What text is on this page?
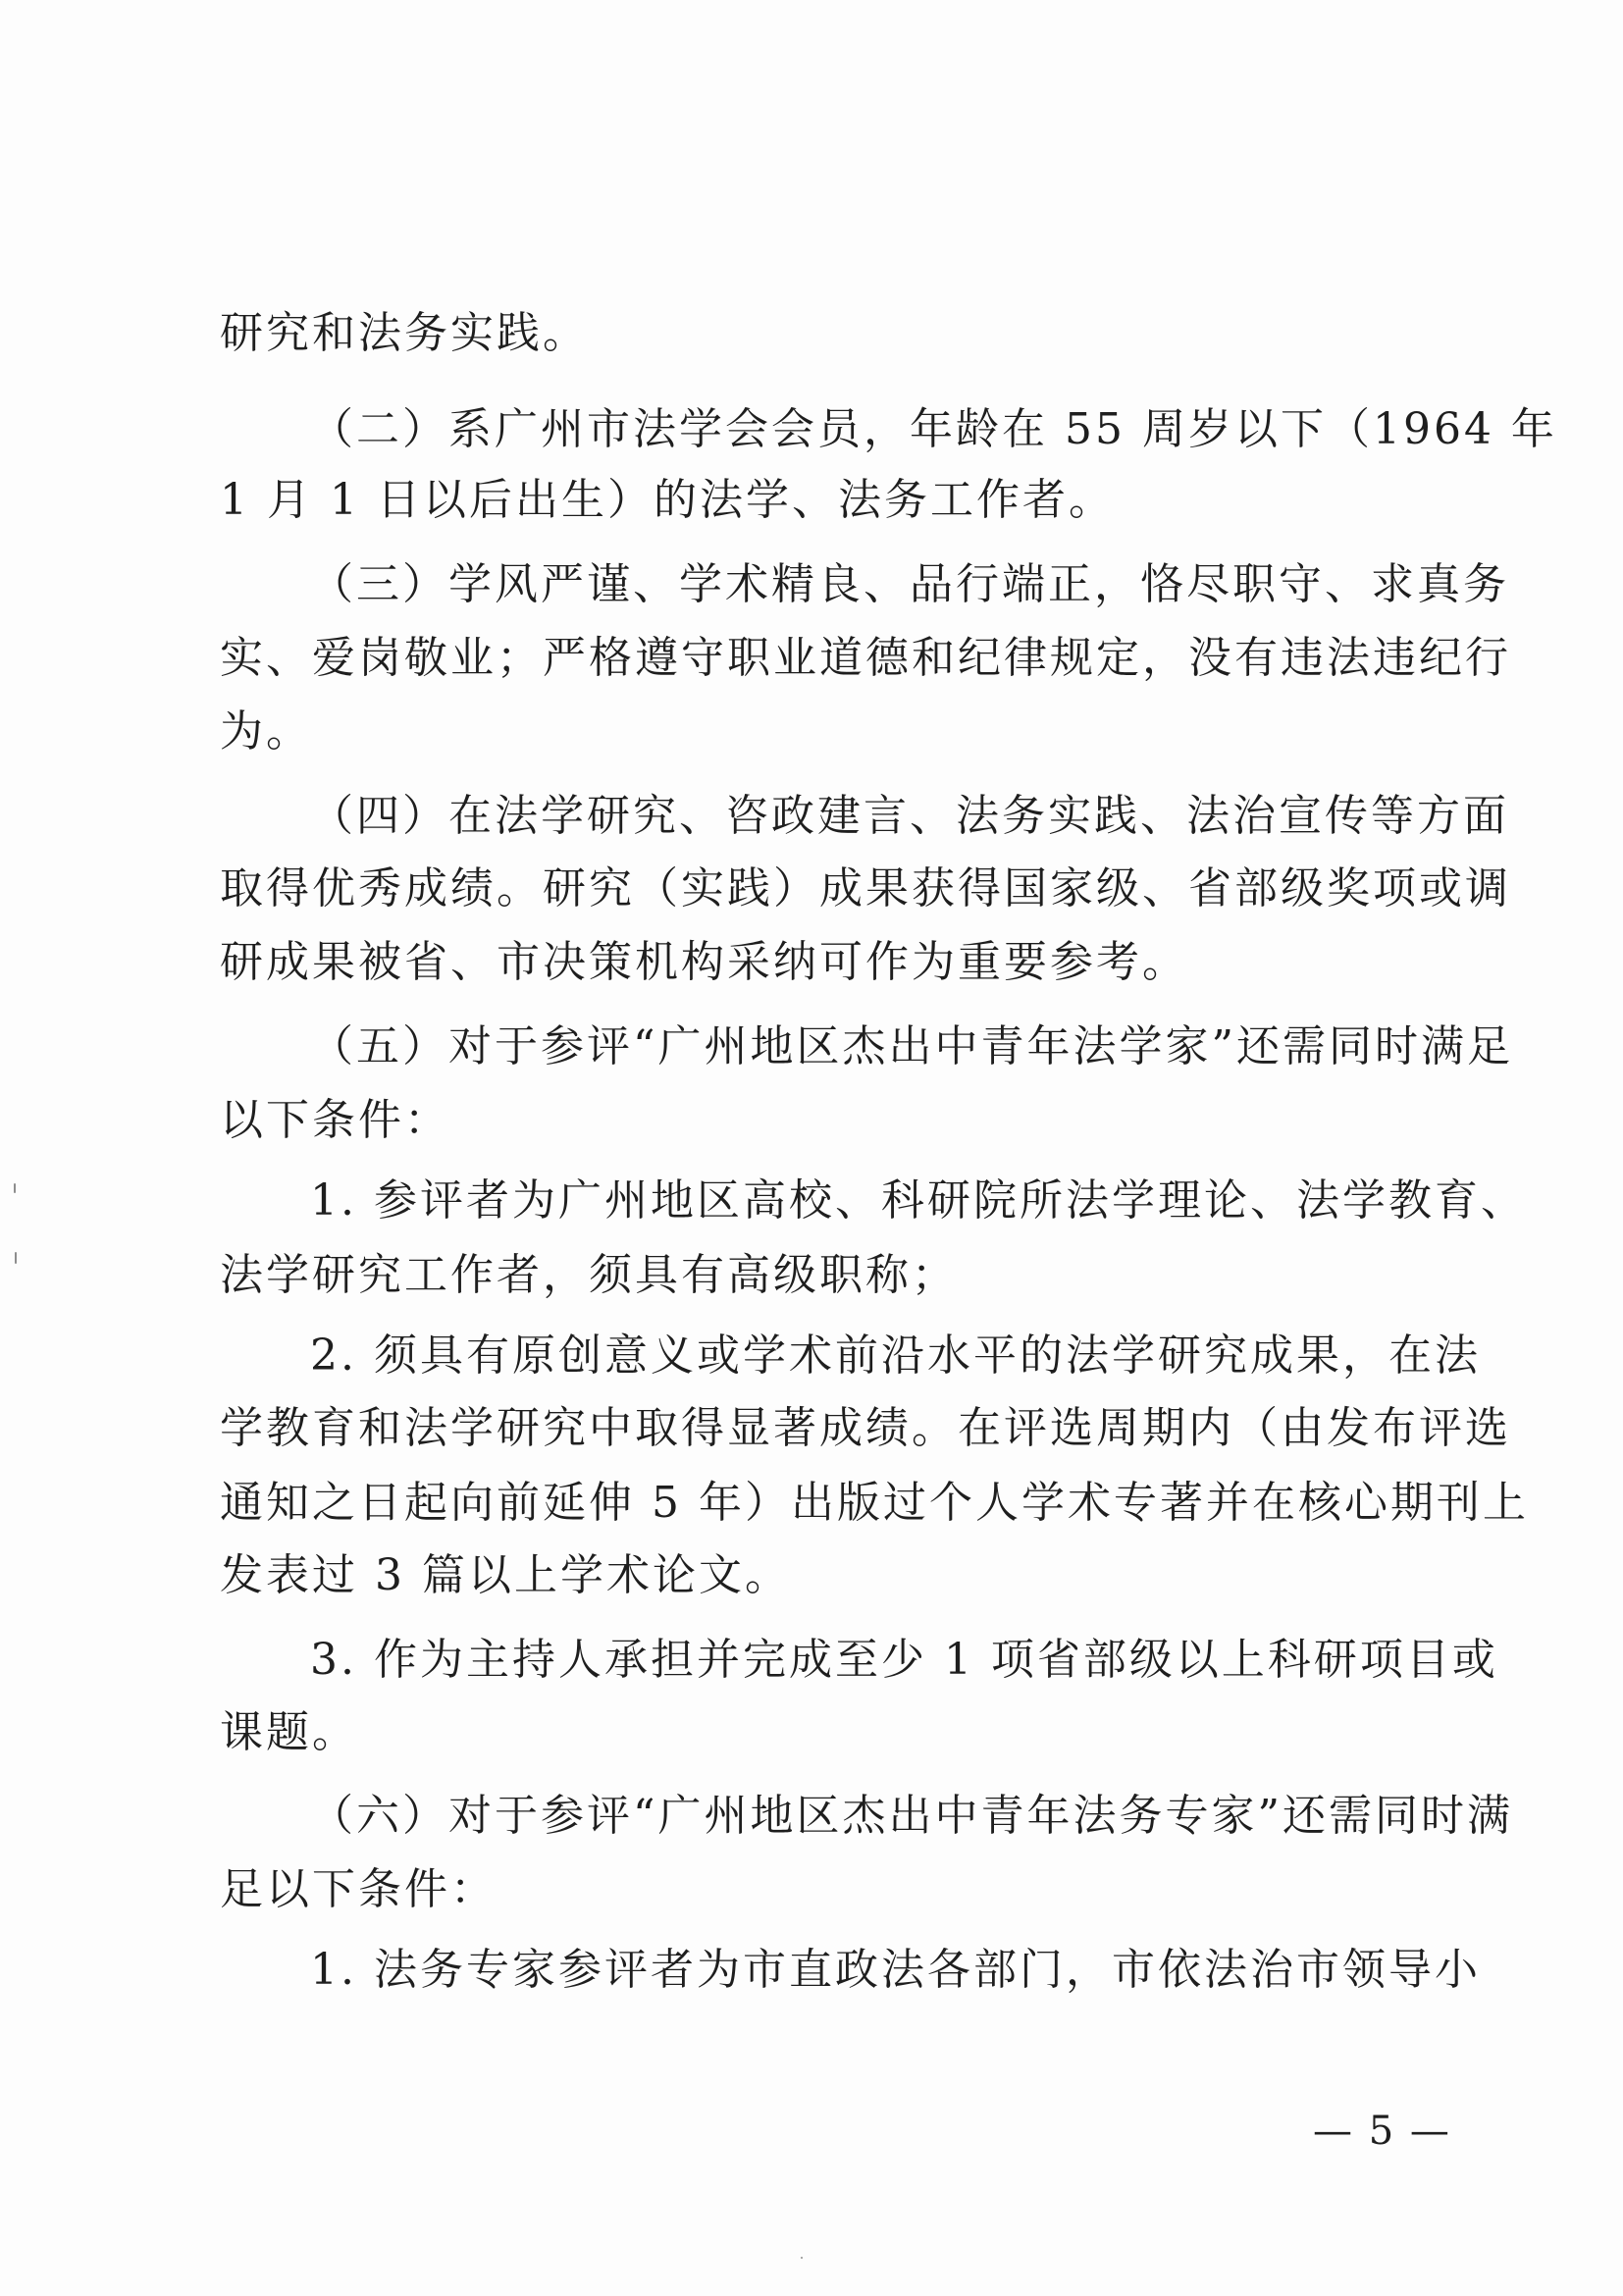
研究和法务实践。
（二）系广州市法学会会员，年龄在 55 周岁以下（1964 年
1 月 1 日以后出生）的法学、法务工作者。
（三）学风严谨、学术精良、品行端正，恪尽职守、求真务
实、爱岗敬业；严格遵守职业道德和纪律规定，没有违法违纪行
为。
（四）在法学研究、咨政建言、法务实践、法治宣传等方面
取得优秀成绩。研究（实践）成果获得国家级、省部级奖项或调
研成果被省、市决策机构采纳可作为重要参考。
（五）对于参评“广州地区杰出中青年法学家”还需同时满足
以下条件：
1. 参评者为广州地区高校、科研院所法学理论、法学教育、
法学研究工作者，须具有高级职称；
2. 须具有原创意义或学术前沿水平的法学研究成果，在法
学教育和法学研究中取得显著成绩。在评选周期内（由发布评选
通知之日起向前延伸 5 年）出版过个人学术专著并在核心期刊上
发表过 3 篇以上学术论文。
3. 作为主持人承担并完成至少 1 项省部级以上科研项目或
课题。
（六）对于参评“广州地区杰出中青年法务专家”还需同时满
足以下条件：
1. 法务专家参评者为市直政法各部门，市依法治市领导小
— 5 —
